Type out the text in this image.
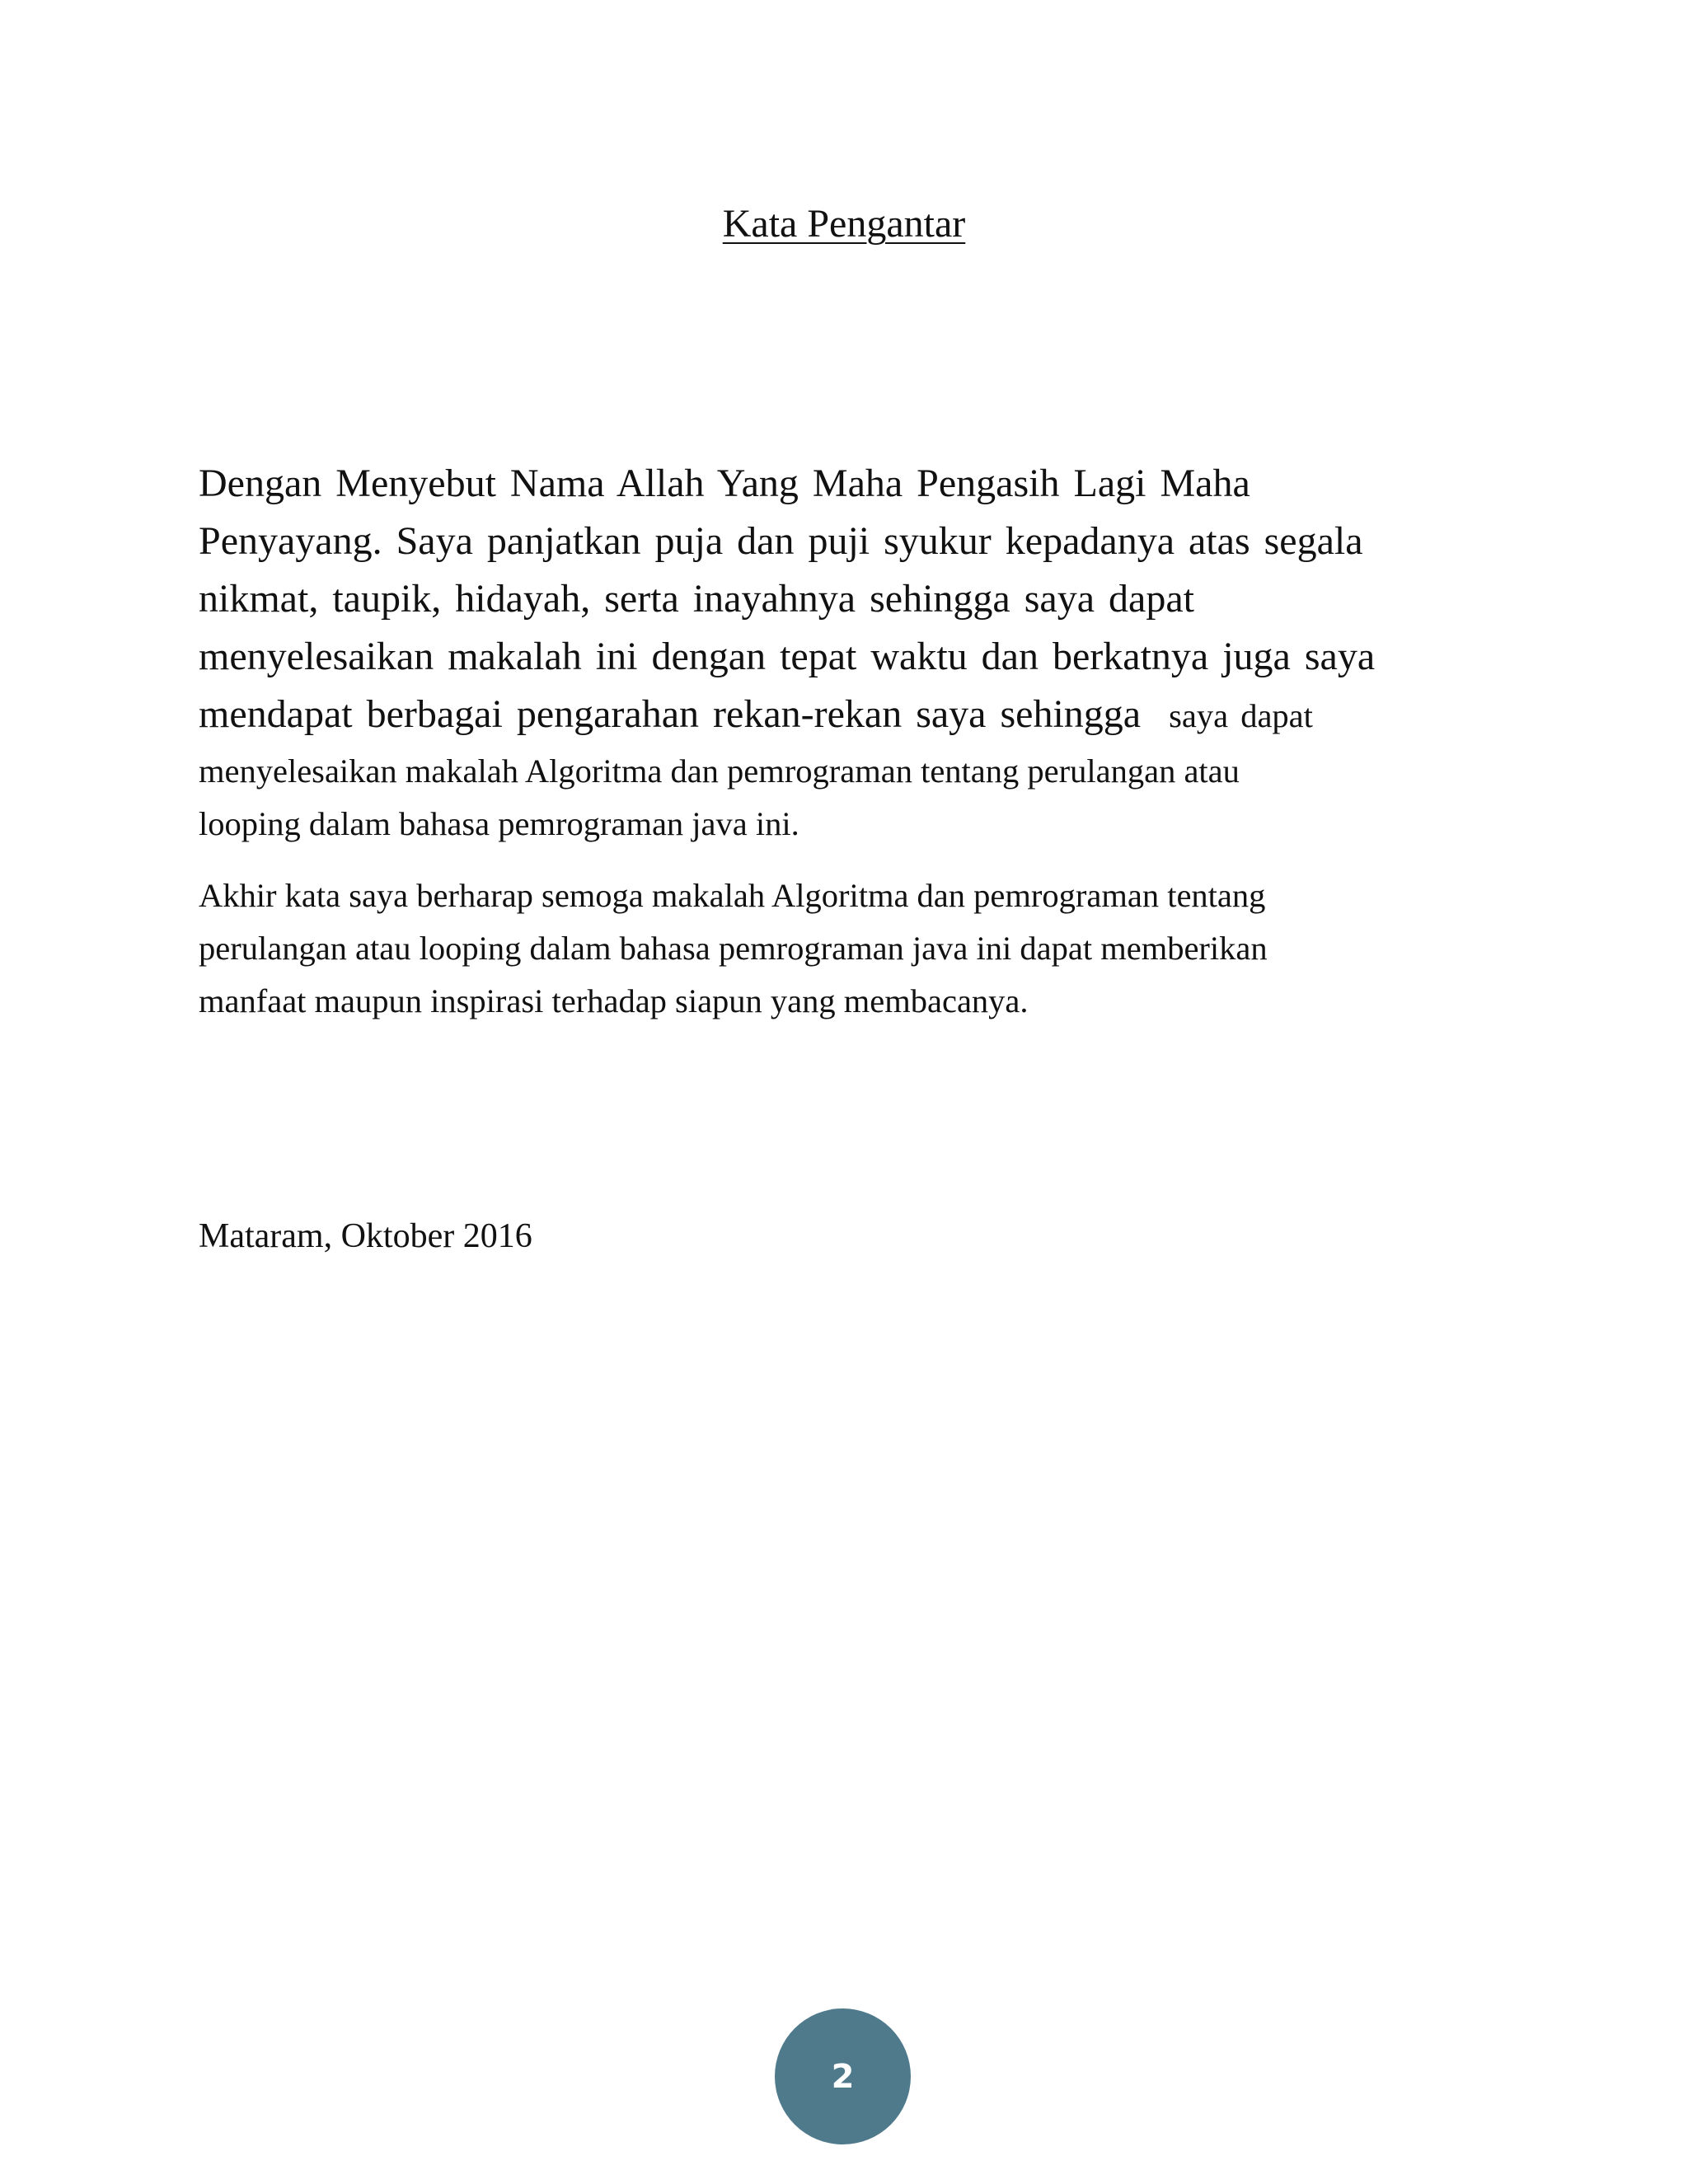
Kata Pengantar
Dengan Menyebut Nama Allah Yang Maha Pengasih Lagi Maha
Penyayang. Saya panjatkan puja dan puji syukur kepadanya atas segala
nikmat, taupik, hidayah, serta inayahnya sehingga saya dapat
menyelesaikan makalah ini dengan tepat waktu dan berkatnya juga saya
mendapat berbagai pengarahan rekan-rekan saya sehingga saya dapat
menyelesaikan makalah Algoritma dan pemrograman tentang perulangan atau
looping dalam bahasa pemrograman java ini.
Akhir kata saya berharap semoga makalah Algoritma dan pemrograman tentang
perulangan atau looping dalam bahasa pemrograman java ini dapat memberikan
manfaat maupun inspirasi terhadap siapun yang membacanya.
Mataram, Oktober 2016
2
